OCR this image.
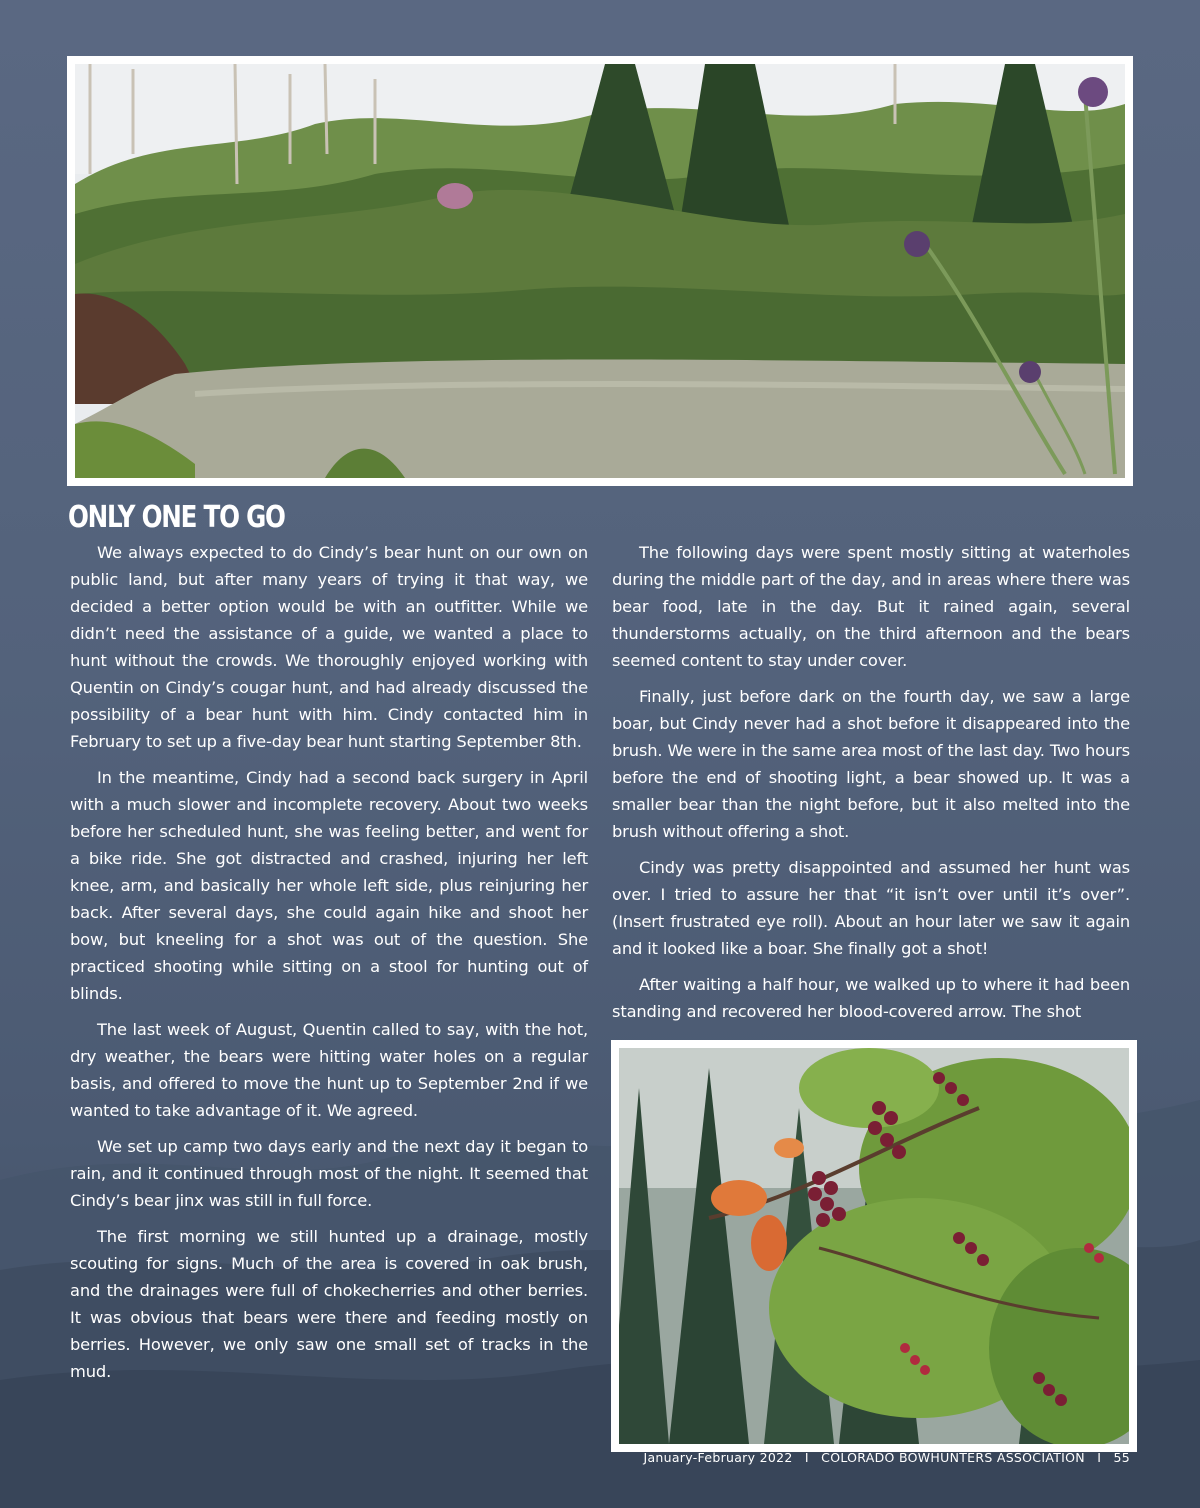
ONLY ONE TO GO

We always expected to do Cindy’s bear hunt on our own on public land, but after many years of trying it that way, we decided a better option would be with an outfitter. While we didn’t need the assistance of a guide, we wanted a place to hunt without the crowds. We thoroughly enjoyed working with Quentin on Cindy’s cougar hunt, and had already discussed the possibility of a bear hunt with him. Cindy contacted him in February to set up a five-day bear hunt starting September 8th.

In the meantime, Cindy had a second back surgery in April with a much slower and incomplete recovery. About two weeks before her scheduled hunt, she was feeling better, and went for a bike ride. She got distracted and crashed, injuring her left knee, arm, and basically her whole left side, plus reinjuring her back. After several days, she could again hike and shoot her bow, but kneeling for a shot was out of the question. She practiced shooting while sitting on a stool for hunting out of blinds.

The last week of August, Quentin called to say, with the hot, dry weather, the bears were hitting water holes on a regular basis, and offered to move the hunt up to September 2nd if we wanted to take advantage of it. We agreed.

We set up camp two days early and the next day it began to rain, and it continued through most of the night. It seemed that Cindy’s bear jinx was still in full force.

The first morning we still hunted up a drainage, mostly scouting for signs. Much of the area is covered in oak brush, and the drainages were full of chokecherries and other berries. It was obvious that bears were there and feeding mostly on berries. However, we only saw one small set of tracks in the mud.

The following days were spent mostly sitting at waterholes during the middle part of the day, and in areas where there was bear food, late in the day. But it rained again, several thunderstorms actually, on the third afternoon and the bears seemed content to stay under cover.

Finally, just before dark on the fourth day, we saw a large boar, but Cindy never had a shot before it disappeared into the brush. We were in the same area most of the last day. Two hours before the end of shooting light, a bear showed up. It was a smaller bear than the night before, but it also melted into the brush without offering a shot.

Cindy was pretty disappointed and assumed her hunt was over. I tried to assure her that “it isn’t over until it’s over”. (Insert frustrated eye roll). About an hour later we saw it again and it looked like a boar. She finally got a shot!

After waiting a half hour, we walked up to where it had been standing and recovered her blood-covered arrow. The shot

January-February 2022 I COLORADO BOWHUNTERS ASSOCIATION I 55
